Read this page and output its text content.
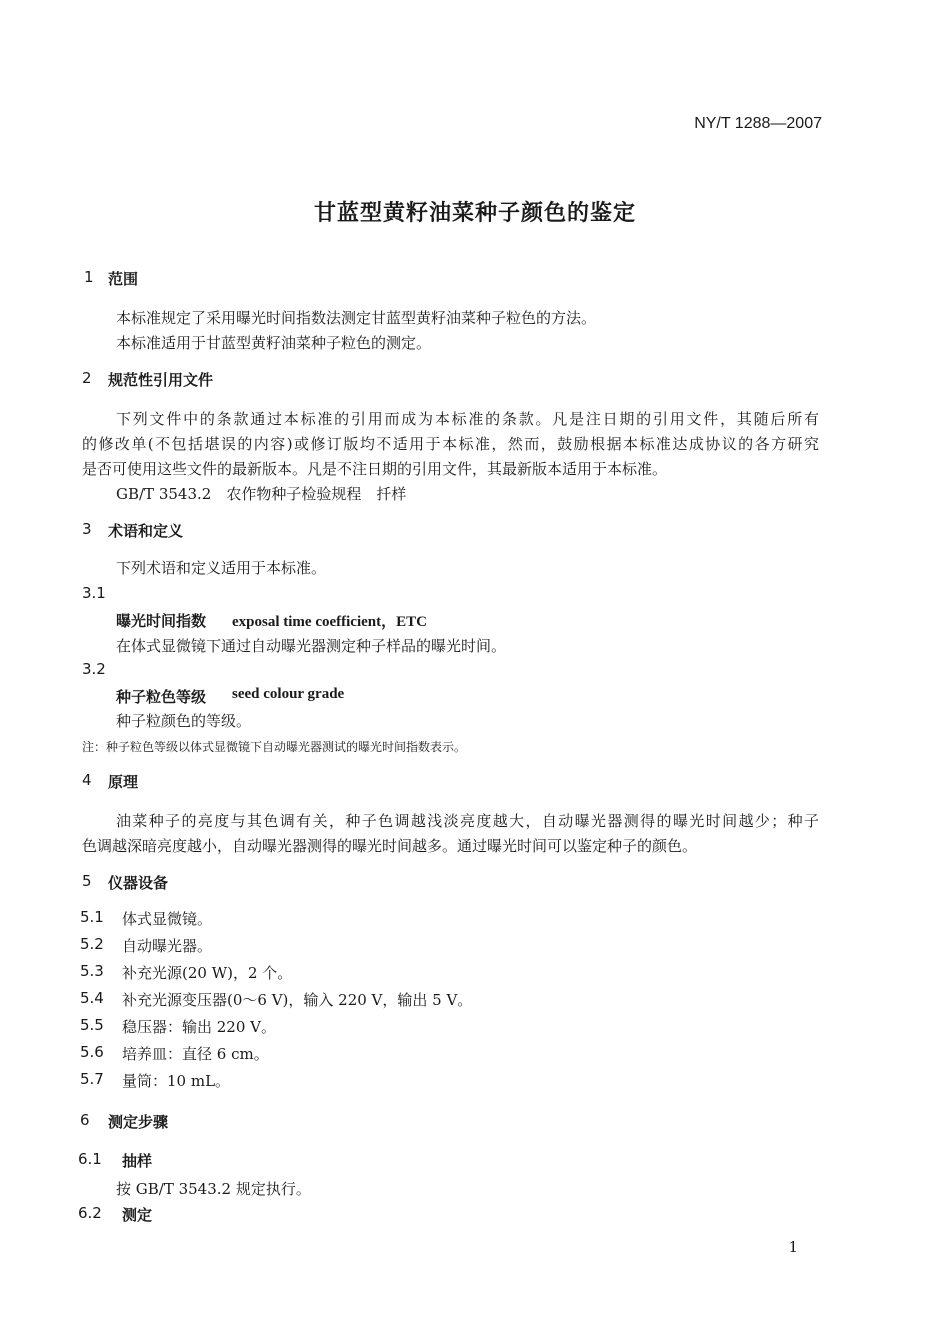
NY/T 1288—2007
甘蓝型黄籽油菜种子颜色的鉴定
1 范围
本标准规定了采用曝光时间指数法测定甘蓝型黄籽油菜种子粒色的方法。
本标准适用于甘蓝型黄籽油菜种子粒色的测定。
2 规范性引用文件
下列文件中的条款通过本标准的引用而成为本标准的条款。凡是注日期的引用文件，其随后所有
的修改单(不包括堪误的内容)或修订版均不适用于本标准，然而，鼓励根据本标准达成协议的各方研究
是否可使用这些文件的最新版本。凡是不注日期的引用文件，其最新版本适用于本标准。
GB/T 3543.2　农作物种子检验规程　扦样
3 术语和定义
下列术语和定义适用于本标准。
3.1
曝光时间指数 exposal time coefficient，ETC
在体式显微镜下通过自动曝光器测定种子样品的曝光时间。
3.2
种子粒色等级 seed colour grade
种子粒颜色的等级。
注：种子粒色等级以体式显微镜下自动曝光器测试的曝光时间指数表示。
4 原理
油菜种子的亮度与其色调有关，种子色调越浅淡亮度越大，自动曝光器测得的曝光时间越少；种子
色调越深暗亮度越小，自动曝光器测得的曝光时间越多。通过曝光时间可以鉴定种子的颜色。
5 仪器设备
5.1 体式显微镜。
5.2 自动曝光器。
5.3 补充光源(20 W)，2 个。
5.4 补充光源变压器(0～6 V)，输入 220 V，输出 5 V。
5.5 稳压器：输出 220 V。
5.6 培养皿：直径 6 cm。
5.7 量筒：10 mL。
6 测定步骤
6.1 抽样
按 GB/T 3543.2 规定执行。
6.2 测定
1
